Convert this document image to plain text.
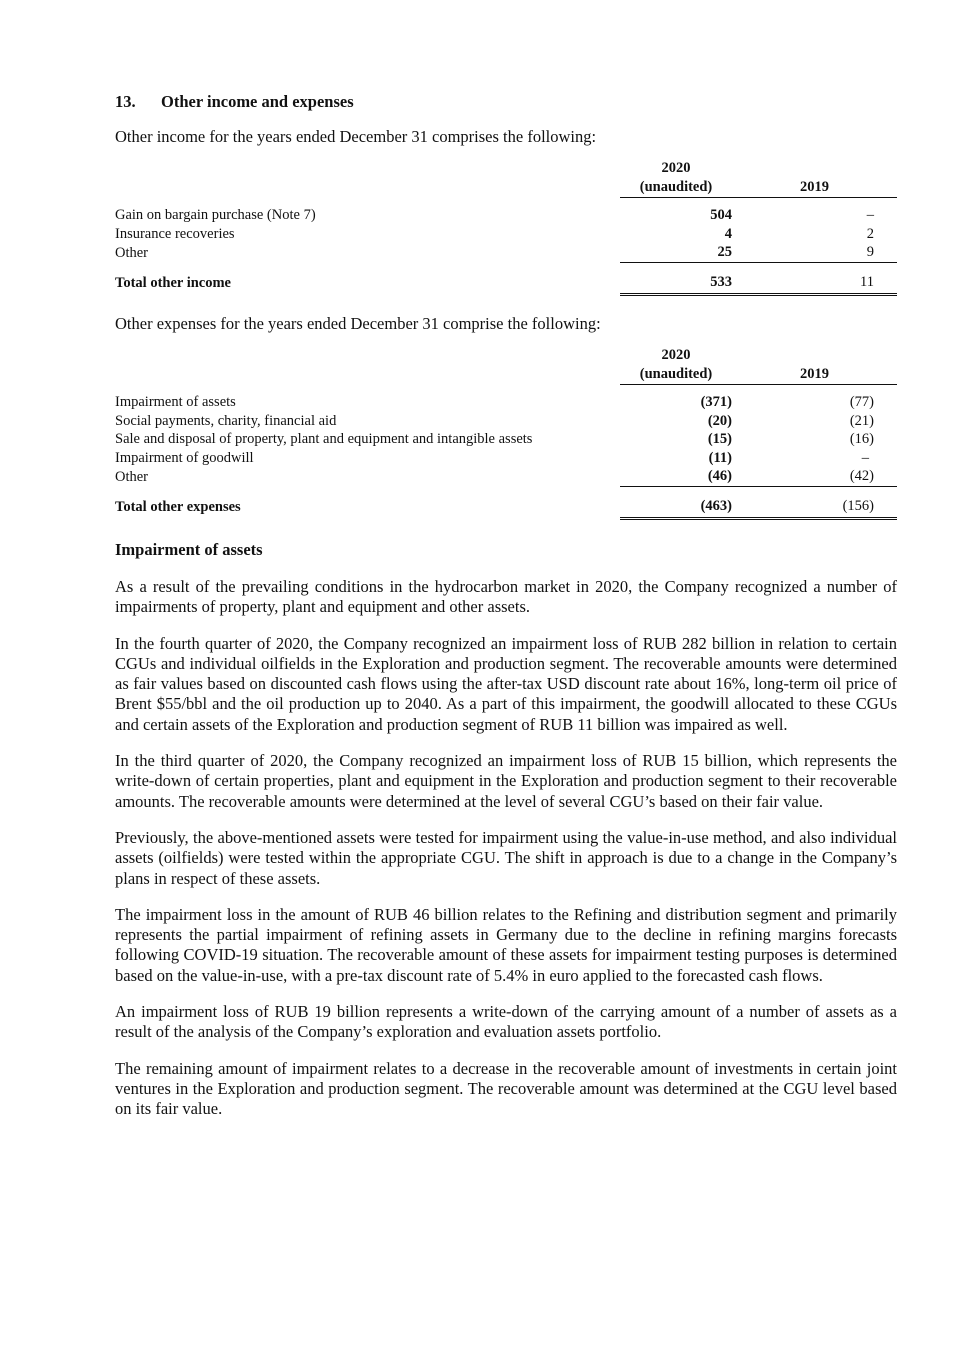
13. Other income and expenses
Other income for the years ended December 31 comprises the following:

	2020
(unaudited)	2019

Gain on bargain purchase (Note 7)	504	–
Insurance recoveries	4	2
Other	25	9
Total other income	533	11
Other expenses for the years ended December 31 comprise the following:

	2020
(unaudited)	2019

Impairment of assets	(371)	(77)
Social payments, charity, financial aid	(20)	(21)
Sale and disposal of property, plant and equipment and intangible assets	(15)	(16)
Impairment of goodwill	(11)	–
Other	(46)	(42)
Total other expenses	(463)	(156)
Impairment of assets

As a result of the prevailing conditions in the hydrocarbon market in 2020, the Company recognized a number of impairments of property, plant and equipment and other assets.

In the fourth quarter of 2020, the Company recognized an impairment loss of RUB 282 billion in relation to certain CGUs and individual oilfields in the Exploration and production segment. The recoverable amounts were determined as fair values based on discounted cash flows using the after-tax USD discount rate about 16%, long-term oil price of Brent $55/bbl and the oil production up to 2040. As a part of this impairment, the goodwill allocated to these CGUs and certain assets of the Exploration and production segment of RUB 11 billion was impaired as well.

In the third quarter of 2020, the Company recognized an impairment loss of RUB 15 billion, which represents the write-down of certain properties, plant and equipment in the Exploration and production segment to their recoverable amounts. The recoverable amounts were determined at the level of several CGU’s based on their fair value.

Previously, the above-mentioned assets were tested for impairment using the value-in-use method, and also individual assets (oilfields) were tested within the appropriate CGU. The shift in approach is due to a change in the Company’s plans in respect of these assets.

The impairment loss in the amount of RUB 46 billion relates to the Refining and distribution segment and primarily represents the partial impairment of refining assets in Germany due to the decline in refining margins forecasts following COVID-19 situation. The recoverable amount of these assets for impairment testing purposes is determined based on the value-in-use, with a pre-tax discount rate of 5.4% in euro applied to the forecasted cash flows.

An impairment loss of RUB 19 billion represents a write-down of the carrying amount of a number of assets as a result of the analysis of the Company’s exploration and evaluation assets portfolio.

The remaining amount of impairment relates to a decrease in the recoverable amount of investments in certain joint ventures in the Exploration and production segment. The recoverable amount was determined at the CGU level based on its fair value.
